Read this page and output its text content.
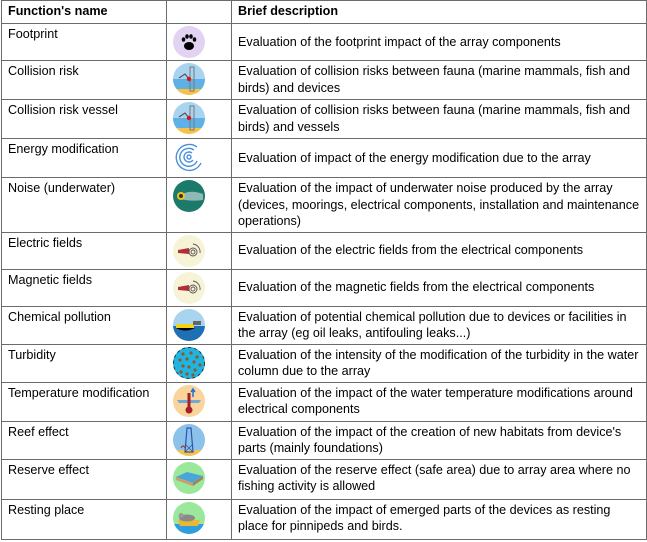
Function's name		Brief description
Footprint		Evaluation of the footprint impact of the array components
Collision risk		Evaluation of collision risks between fauna (marine mammals, fish and birds) and devices
Collision risk vessel		Evaluation of collision risks between fauna (marine mammals, fish and birds) and vessels
Energy modification		Evaluation of impact of the energy modification due to the array
Noise (underwater)		Evaluation of the impact of underwater noise produced by the array (devices, moorings, electrical components, installation and maintenance operations)
Electric fields		Evaluation of the electric fields from the electrical components
Magnetic fields		Evaluation of the magnetic fields from the electrical components
Chemical pollution		Evaluation of potential chemical pollution due to devices or facilities in the array (eg oil leaks, antifouling leaks...)
Turbidity		Evaluation of the intensity of the modification of the turbidity in the water column due to the array
Temperature modification		Evaluation of the impact of the water temperature modifications around electrical components
Reef effect		Evaluation of the impact of the creation of new habitats from device's parts (mainly foundations)
Reserve effect		Evaluation of the reserve effect (safe area) due to array area where no fishing activity is allowed
Resting place		Evaluation of the impact of emerged parts of the devices as resting place for pinnipeds and birds.
